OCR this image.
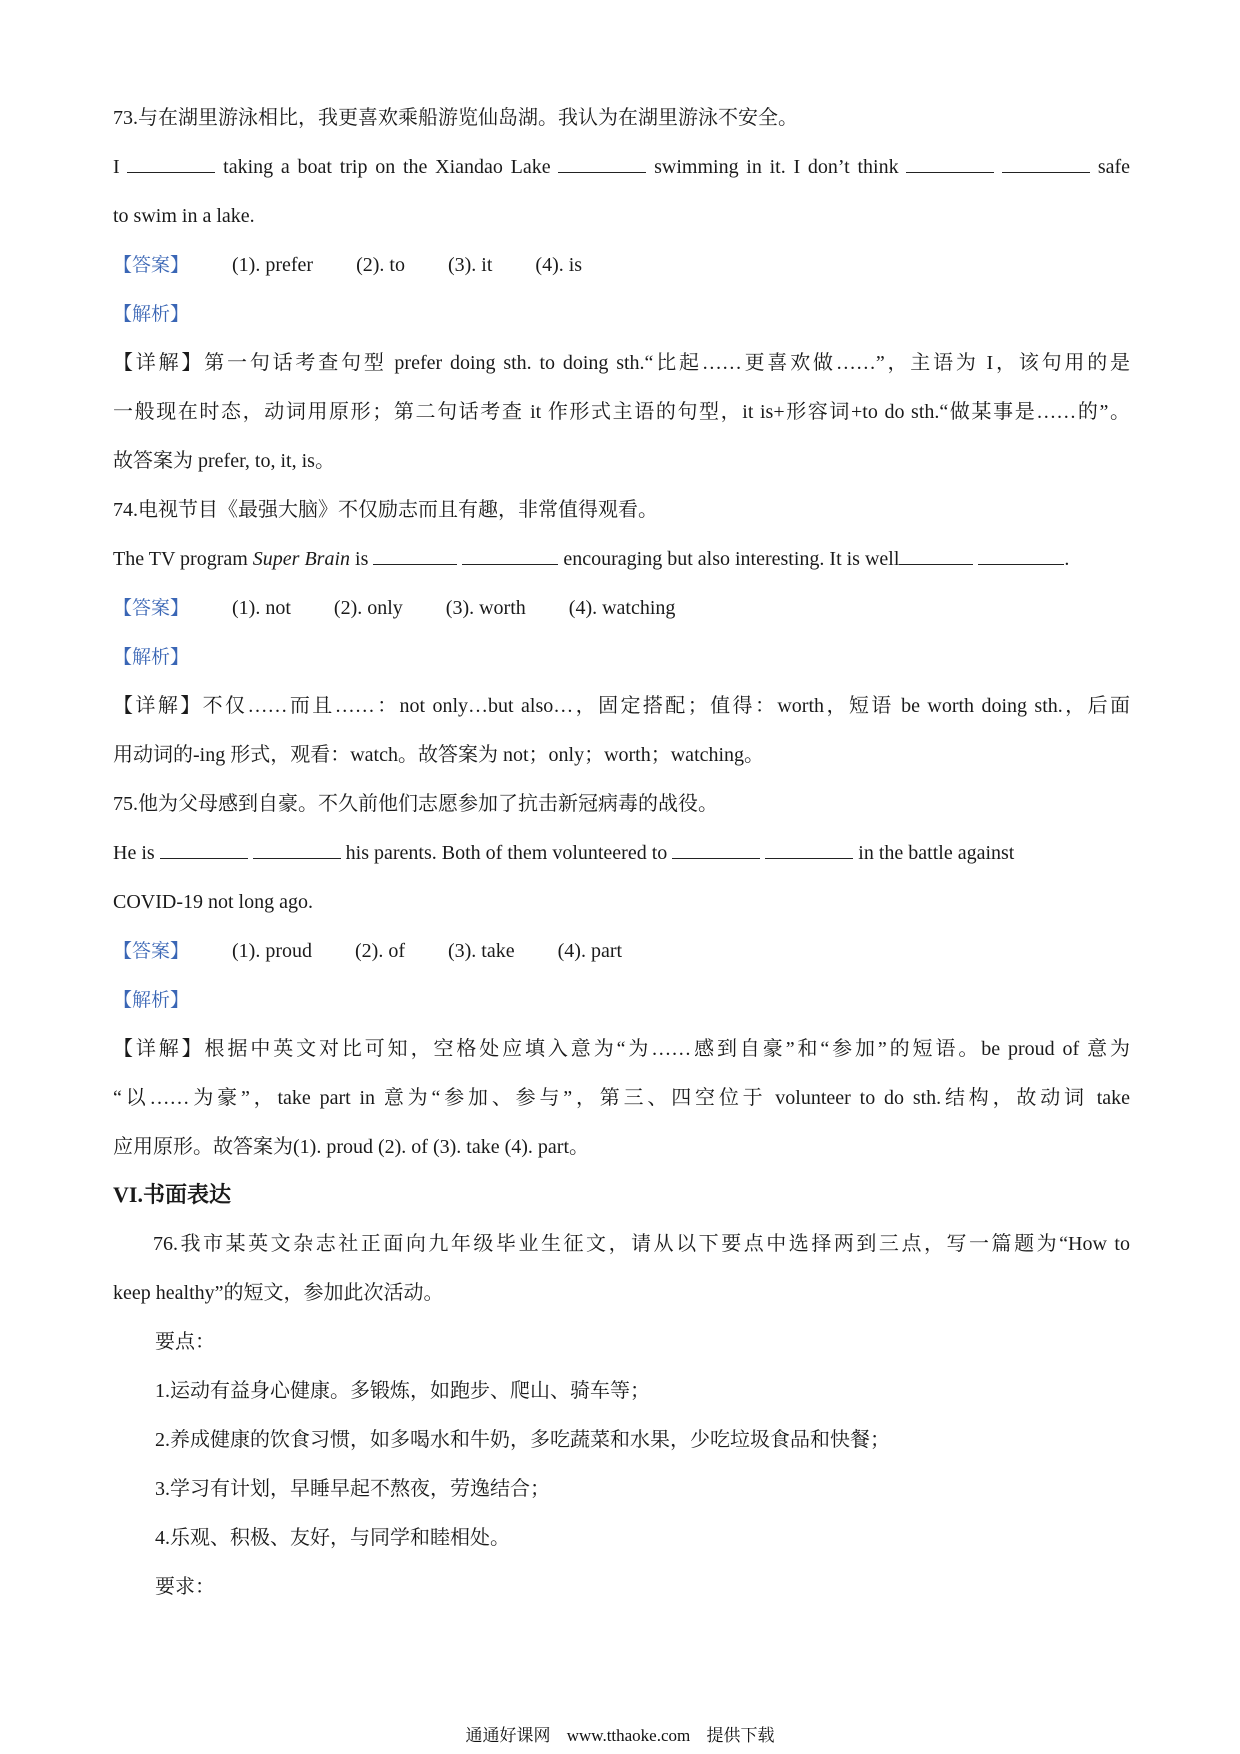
73.与在湖里游泳相比，我更喜欢乘船游览仙岛湖。我认为在湖里游泳不安全。
I	taking a boat trip on the Xiandao Lake	swimming in it. I don’t think	safe
to swim in a lake.
【答案】 (1). prefer (2). to (3). it (4). is
【解析】
【详解】第一句话考查句型 prefer doing sth. to doing sth.“比起……更喜欢做……”，主语为 I，该句用的是
一般现在时态，动词用原形；第二句话考查 it 作形式主语的句型，it is+形容词+to do sth.“做某事是……的”。
故答案为 prefer, to, it, is。
74.电视节目《最强大脑》不仅励志而且有趣，非常值得观看。
The TV program Super Brain is	encouraging but also interesting. It is well	.
【答案】 (1). not (2). only (3). worth (4). watching
【解析】
【详解】不仅……而且……：not only…but also…，固定搭配；值得：worth，短语 be worth doing sth.，后面
用动词的-ing 形式，观看：watch。故答案为 not；only；worth；watching。
75.他为父母感到自豪。不久前他们志愿参加了抗击新冠病毒的战役。
He is	his parents. Both of them volunteered to	in the battle against
COVID-19 not long ago.
【答案】 (1). proud (2). of (3). take (4). part
【解析】
【详解】根据中英文对比可知，空格处应填入意为“为……感到自豪”和“参加”的短语。be proud of 意为
“以……为豪”，take part in 意为“参加、参与”，第三、四空位于 volunteer to do sth.结构，故动词 take
应用原形。故答案为(1). proud (2). of (3). take (4). part。
VI.书面表达
76.我市某英文杂志社正面向九年级毕业生征文，请从以下要点中选择两到三点，写一篇题为“How to
keep healthy”的短文，参加此次活动。
要点：
1.运动有益身心健康。多锻炼，如跑步、爬山、骑车等；
2.养成健康的饮食习惯，如多喝水和牛奶，多吃蔬菜和水果，少吃垃圾食品和快餐；
3.学习有计划，早睡早起不熬夜，劳逸结合；
4.乐观、积极、友好，与同学和睦相处。
要求：
通通好课网 www.tthaoke.com 提供下载
